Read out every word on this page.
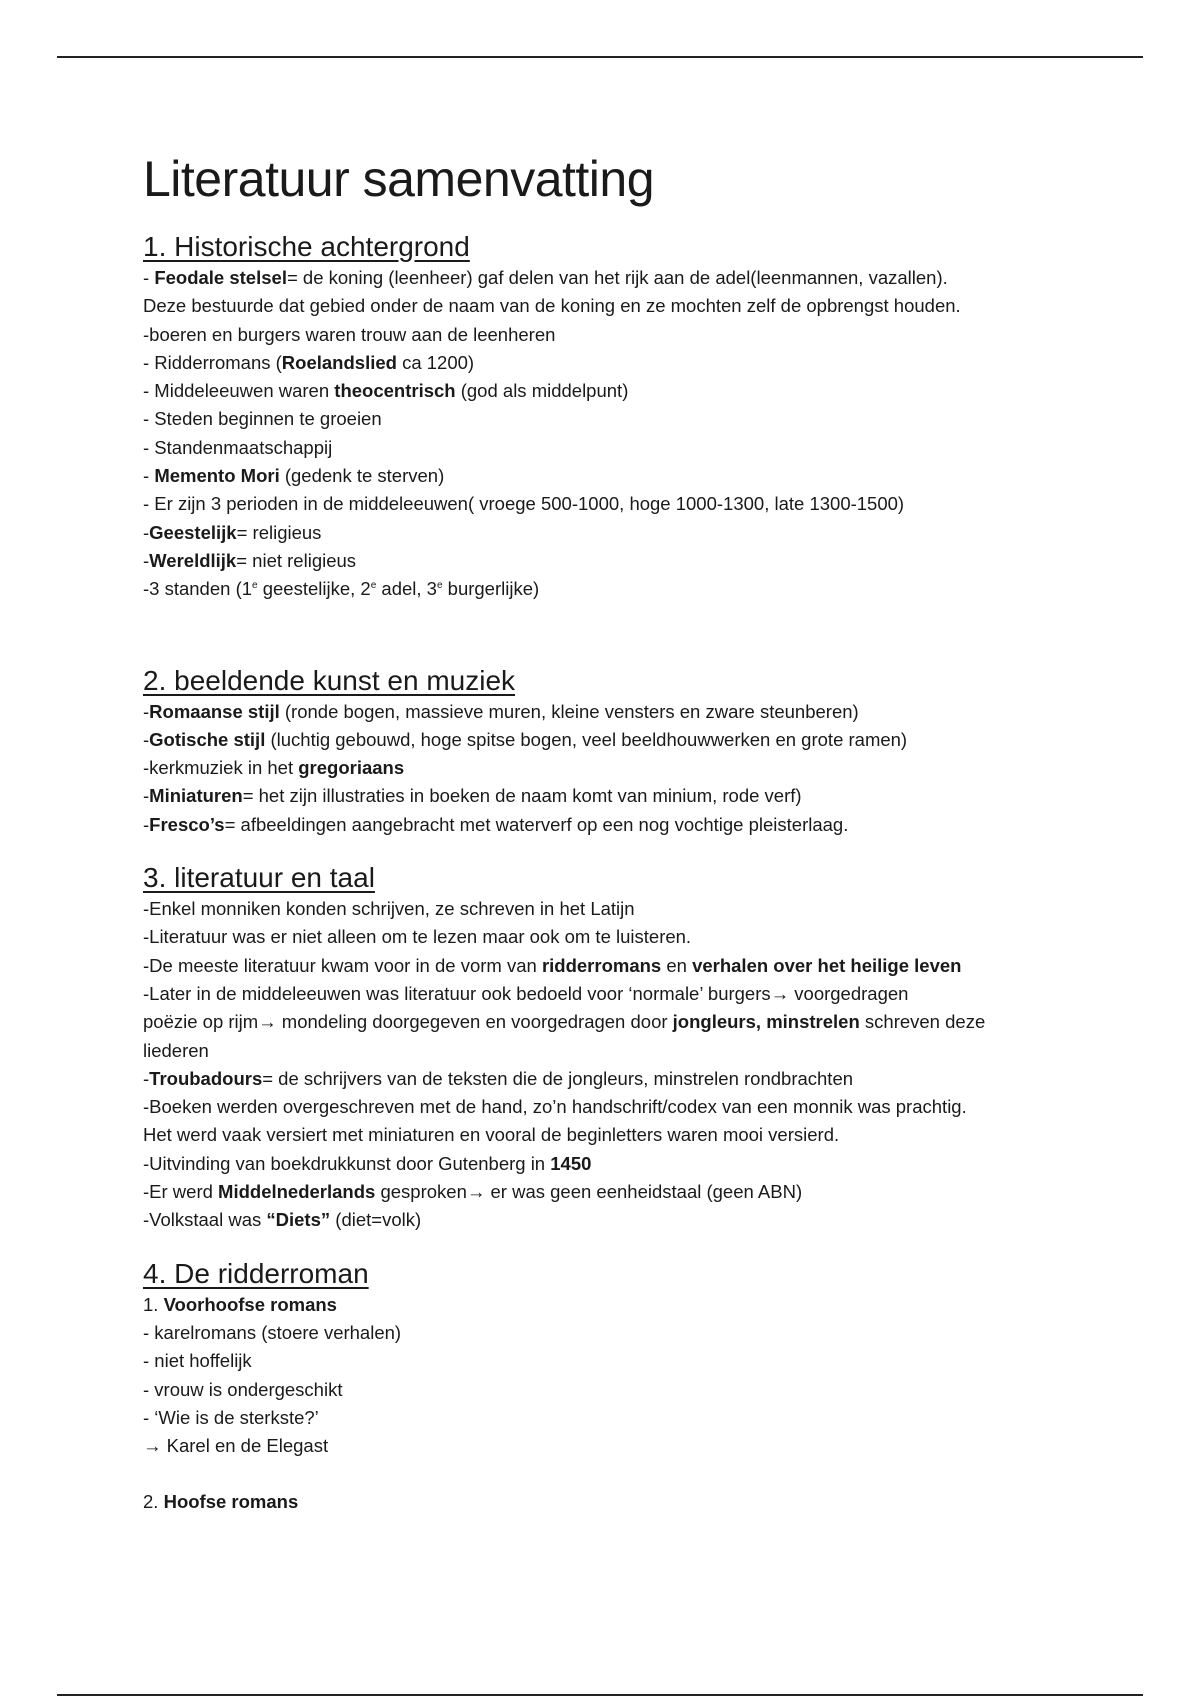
Literatuur samenvatting
1. Historische achtergrond
- Feodale stelsel= de koning (leenheer) gaf delen van het rijk aan de adel(leenmannen, vazallen).
Deze bestuurde dat gebied onder de naam van de koning en ze mochten zelf de opbrengst houden.
-boeren en burgers waren trouw aan de leenheren
- Ridderromans (Roelandslied ca 1200)
- Middeleeuwen waren theocentrisch (god als middelpunt)
- Steden beginnen te groeien
- Standenmaatschappij
- Memento Mori (gedenk te sterven)
- Er zijn 3 perioden in de middeleeuwen( vroege 500-1000, hoge 1000-1300, late 1300-1500)
-Geestelijk= religieus
-Wereldlijk= niet religieus
-3 standen (1e geestelijke, 2e adel, 3e burgerlijke)
2. beeldende kunst en muziek
-Romaanse stijl (ronde bogen, massieve muren, kleine vensters en zware steunberen)
-Gotische stijl (luchtig gebouwd, hoge spitse bogen, veel beeldhouwwerken en grote ramen)
-kerkmuziek in het gregoriaans
-Miniaturen= het zijn illustraties in boeken de naam komt van minium, rode verf)
-Fresco’s= afbeeldingen aangebracht met waterverf op een nog vochtige pleisterlaag.
3. literatuur en taal
-Enkel monniken konden schrijven, ze schreven in het Latijn
-Literatuur was er niet alleen om te lezen maar ook om te luisteren.
-De meeste literatuur kwam voor in de vorm van ridderromans en verhalen over het heilige leven
-Later in de middeleeuwen was literatuur ook bedoeld voor ‘normale’ burgers→ voorgedragen
poëzie op rijm→ mondeling doorgegeven en voorgedragen door jongleurs, minstrelen schreven deze
liederen
-Troubadours= de schrijvers van de teksten die de jongleurs, minstrelen rondbrachten
-Boeken werden overgeschreven met de hand, zo’n handschrift/codex van een monnik was prachtig.
Het werd vaak versiert met miniaturen en vooral de beginletters waren mooi versierd.
-Uitvinding van boekdrukkunst door Gutenberg in 1450
-Er werd Middelnederlands gesproken→ er was geen eenheidstaal (geen ABN)
-Volkstaal was “Diets” (diet=volk)
4. De ridderroman
1. Voorhoofse romans
- karelromans (stoere verhalen)
- niet hoffelijk
- vrouw is ondergeschikt
- ‘Wie is de sterkste?’
→ Karel en de Elegast
2. Hoofse romans
